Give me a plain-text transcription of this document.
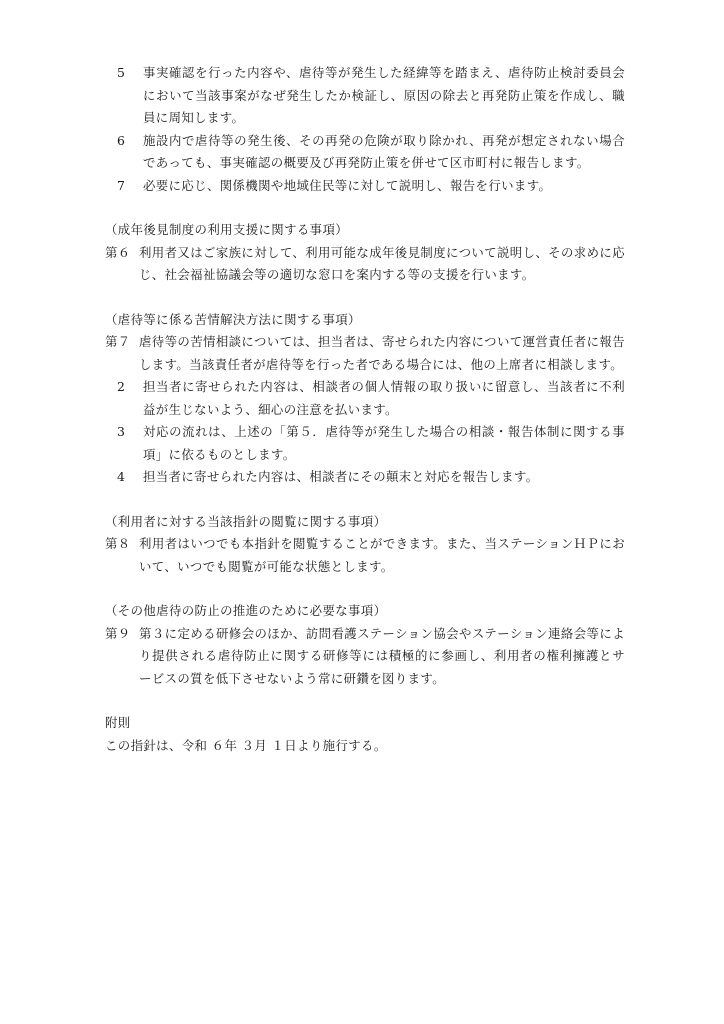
5	事実確認を行った内容や、虐待等が発生した経緯等を踏まえ、虐待防止検討委員会において当該事案がなぜ発生したか検証し、原因の除去と再発防止策を作成し、職員に周知します。
6	施設内で虐待等の発生後、その再発の危険が取り除かれ、再発が想定されない場合であっても、事実確認の概要及び再発防止策を併せて区市町村に報告します。
7	必要に応じ、関係機関や地域住民等に対して説明し、報告を行います。

（成年後見制度の利用支援に関する事項）

第６ 利用者又はご家族に対して、利用可能な成年後見制度について説明し、その求めに応じ、社会福祉協議会等の適切な窓口を案内する等の支援を行います。

（虐待等に係る苦情解決方法に関する事項）

第７ 虐待等の苦情相談については、担当者は、寄せられた内容について運営責任者に報告します。当該責任者が虐待等を行った者である場合には、他の上席者に相談します。
2	担当者に寄せられた内容は、相談者の個人情報の取り扱いに留意し、当該者に不利益が生じないよう、細心の注意を払います。
3	対応の流れは、上述の「第５．虐待等が発生した場合の相談・報告体制に関する事項」に依るものとします。
4	担当者に寄せられた内容は、相談者にその顛末と対応を報告します。

（利用者に対する当該指針の閲覧に関する事項）

第８ 利用者はいつでも本指針を閲覧することができます。また、当ステーションＨＰにおいて、いつでも閲覧が可能な状態とします。

（その他虐待の防止の推進のために必要な事項）

第９ 第３に定める研修会のほか、訪問看護ステーション協会やステーション連絡会等により提供される虐待防止に関する研修等には積極的に参画し、利用者の権利擁護とサービスの質を低下させないよう常に研鑽を図ります。

附則

この指針は、令和 ６年 ３月 １日より施行する。
